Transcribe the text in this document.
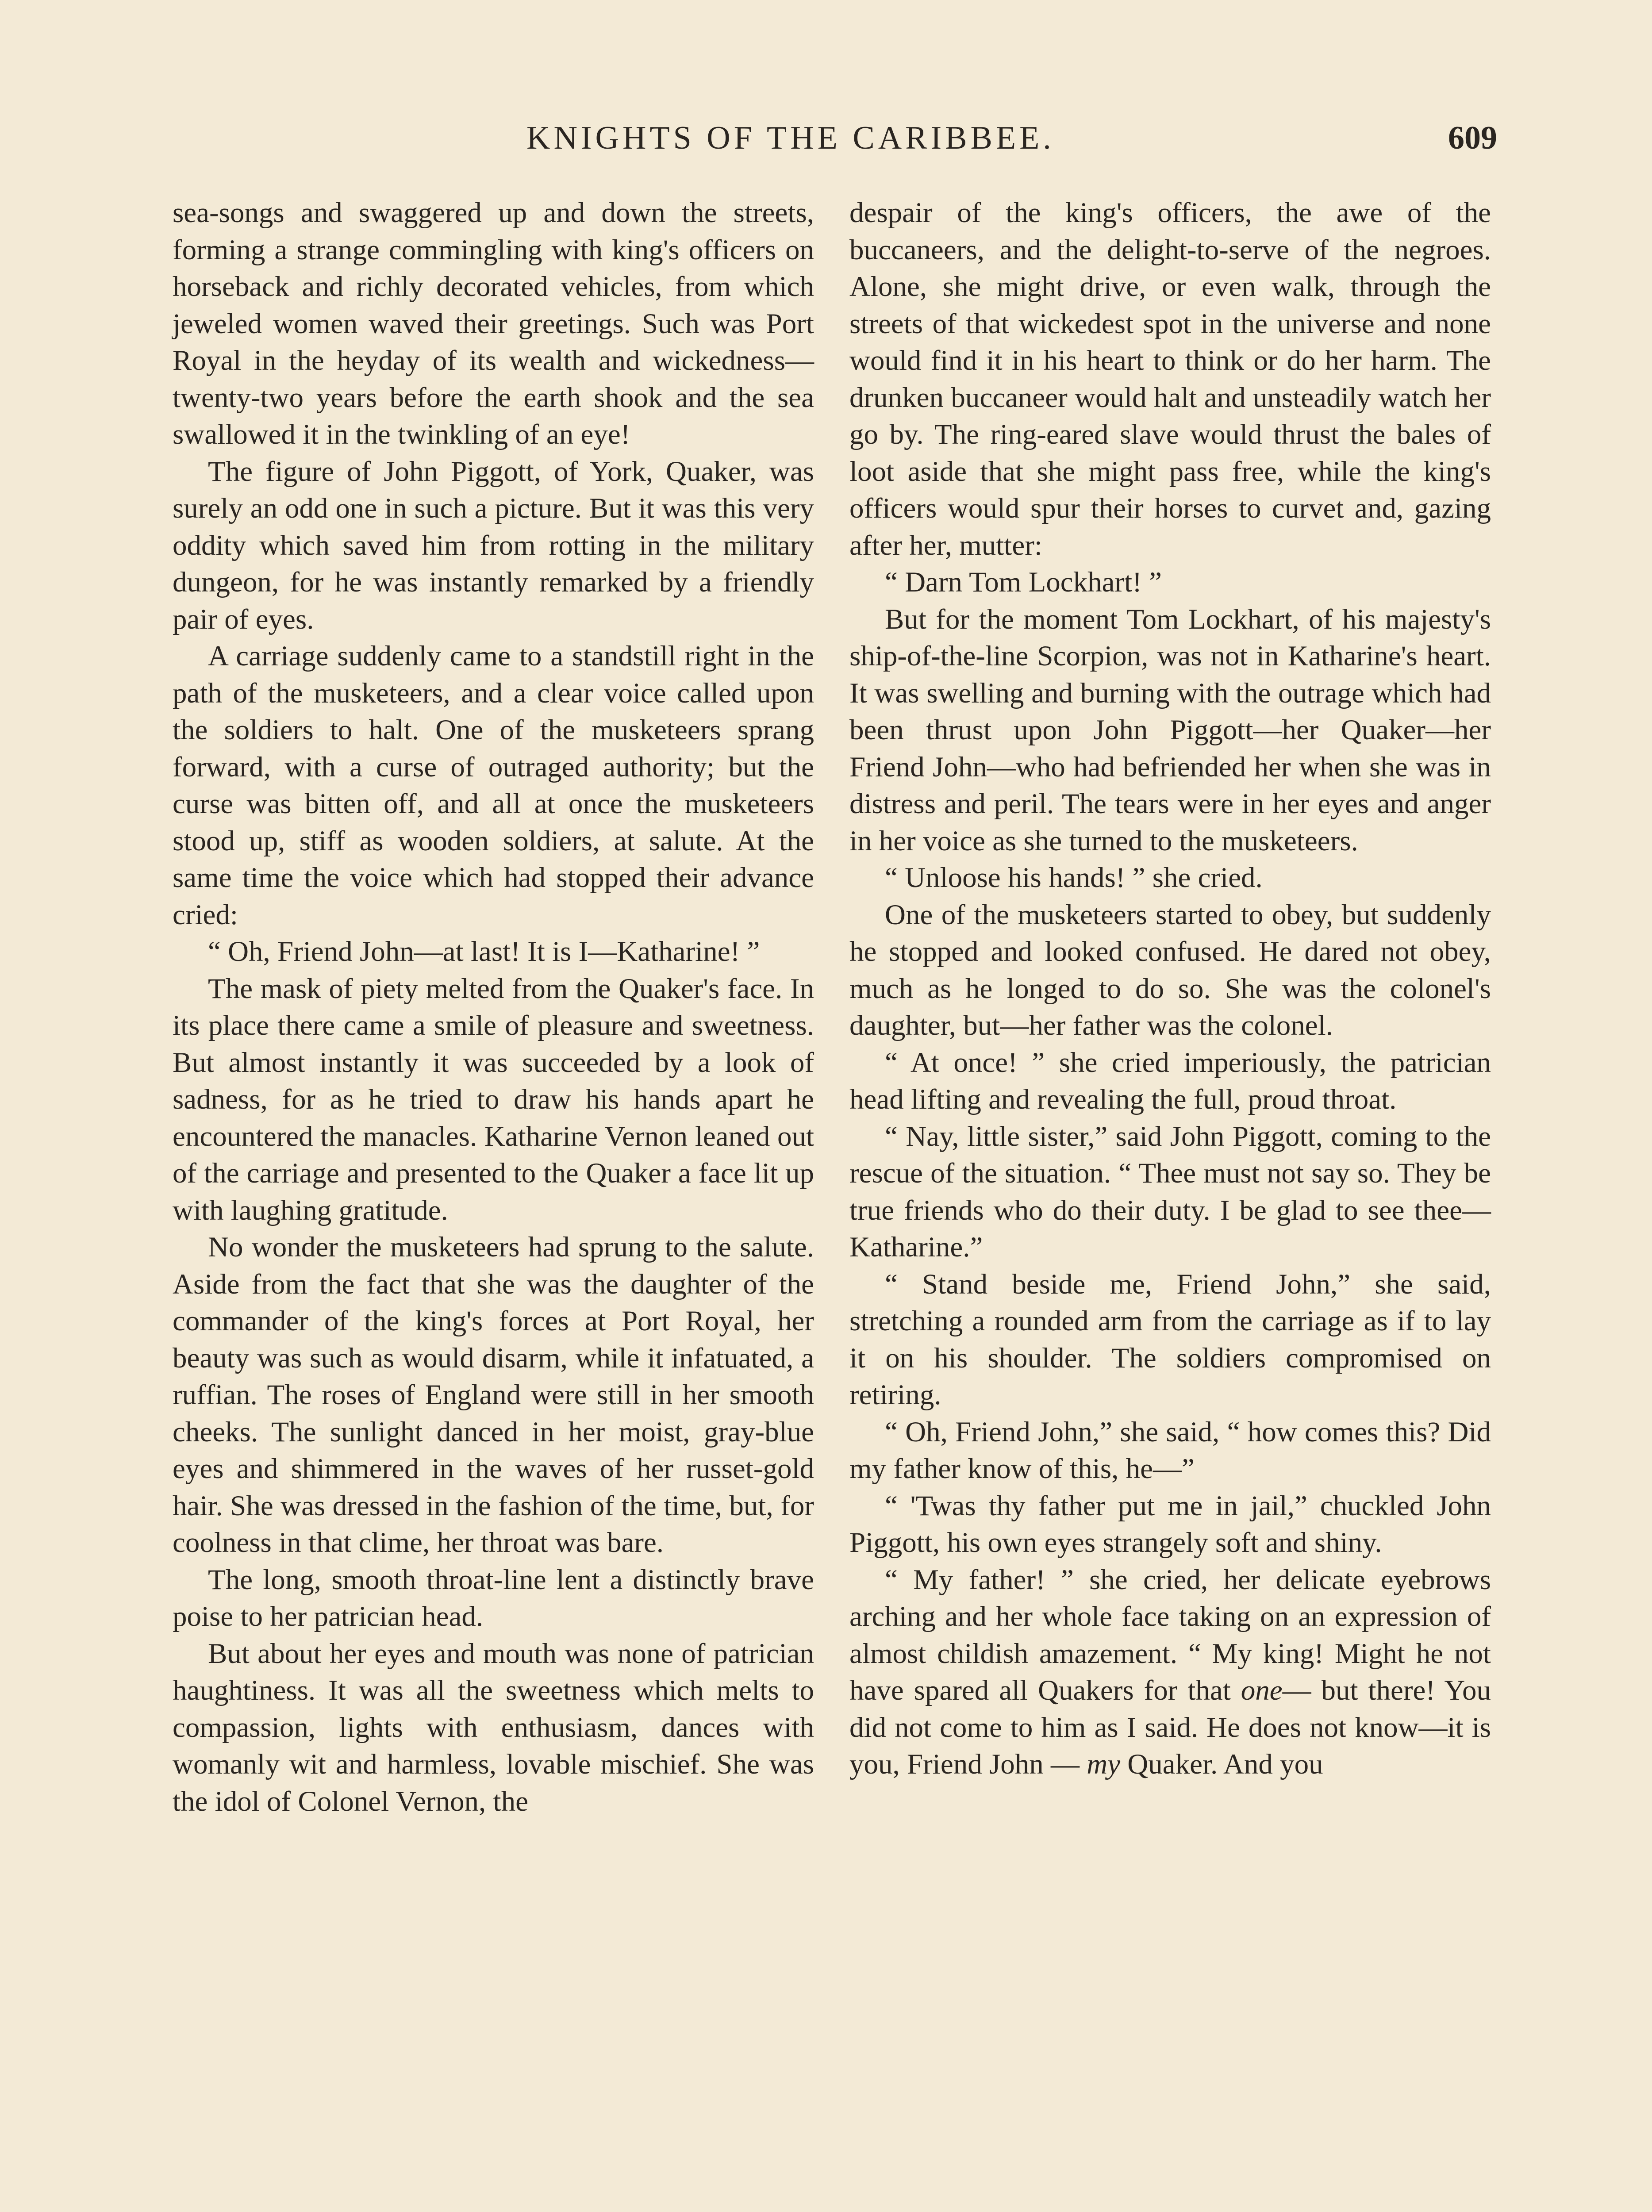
KNIGHTS OF THE CARIBBEE.	609

sea-songs and swaggered up and down the streets, forming a strange commingling with king's officers on horseback and richly decorated vehicles, from which jeweled women waved their greetings. Such was Port Royal in the heyday of its wealth and wickedness—twenty-two years before the earth shook and the sea swallowed it in the twinkling of an eye!

The figure of John Piggott, of York, Quaker, was surely an odd one in such a picture. But it was this very oddity which saved him from rotting in the military dungeon, for he was instantly remarked by a friendly pair of eyes.

A carriage suddenly came to a standstill right in the path of the musketeers, and a clear voice called upon the soldiers to halt. One of the musketeers sprang forward, with a curse of outraged authority; but the curse was bitten off, and all at once the musketeers stood up, stiff as wooden soldiers, at salute. At the same time the voice which had stopped their advance cried:

“ Oh, Friend John—at last! It is I—Katharine! ”

The mask of piety melted from the Quaker's face. In its place there came a smile of pleasure and sweetness. But almost instantly it was succeeded by a look of sadness, for as he tried to draw his hands apart he encountered the manacles. Katharine Vernon leaned out of the carriage and presented to the Quaker a face lit up with laughing gratitude.

No wonder the musketeers had sprung to the salute. Aside from the fact that she was the daughter of the commander of the king's forces at Port Royal, her beauty was such as would disarm, while it infatuated, a ruffian. The roses of England were still in her smooth cheeks. The sunlight danced in her moist, gray-blue eyes and shimmered in the waves of her russet-gold hair. She was dressed in the fashion of the time, but, for coolness in that clime, her throat was bare.

The long, smooth throat-line lent a distinctly brave poise to her patrician head.

But about her eyes and mouth was none of patrician haughtiness. It was all the sweetness which melts to compassion, lights with enthusiasm, dances with womanly wit and harmless, lovable mischief. She was the idol of Colonel Vernon, the

despair of the king's officers, the awe of the buccaneers, and the delight-to-serve of the negroes. Alone, she might drive, or even walk, through the streets of that wickedest spot in the universe and none would find it in his heart to think or do her harm. The drunken buccaneer would halt and unsteadily watch her go by. The ring-eared slave would thrust the bales of loot aside that she might pass free, while the king's officers would spur their horses to curvet and, gazing after her, mutter:

“ Darn Tom Lockhart! ”

But for the moment Tom Lockhart, of his majesty's ship-of-the-line Scorpion, was not in Katharine's heart. It was swelling and burning with the outrage which had been thrust upon John Piggott—her Quaker—her Friend John—who had befriended her when she was in distress and peril. The tears were in her eyes and anger in her voice as she turned to the musketeers.

“ Unloose his hands! ” she cried.

One of the musketeers started to obey, but suddenly he stopped and looked confused. He dared not obey, much as he longed to do so. She was the colonel's daughter, but—her father was the colonel.

“ At once! ” she cried imperiously, the patrician head lifting and revealing the full, proud throat.

“ Nay, little sister,” said John Piggott, coming to the rescue of the situation. “ Thee must not say so. They be true friends who do their duty. I be glad to see thee—Katharine.”

“ Stand beside me, Friend John,” she said, stretching a rounded arm from the carriage as if to lay it on his shoulder. The soldiers compromised on retiring.

“ Oh, Friend John,” she said, “ how comes this? Did my father know of this, he—”

“ 'Twas thy father put me in jail,” chuckled John Piggott, his own eyes strangely soft and shiny.

“ My father! ” she cried, her delicate eyebrows arching and her whole face taking on an expression of almost childish amazement. “ My king! Might he not have spared all Quakers for that one— but there! You did not come to him as I said. He does not know—it is you, Friend John — my Quaker. And you
